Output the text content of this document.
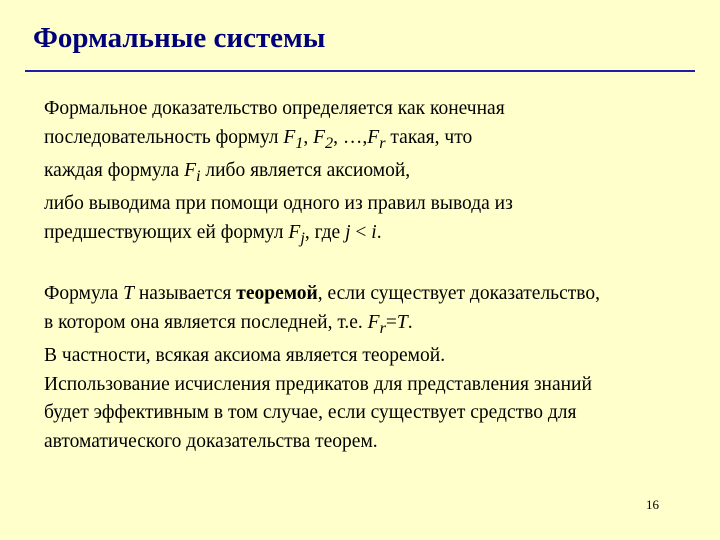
Формальные системы
Формальное доказательство определяется как конечная
последовательность формул $F_1$, $F_2$, $\dots,F_r$ такая, что
каждая формула $F_i$ либо является аксиомой,
либо выводима при помощи одного из правил вывода из
предшествующих ей формул $F_j$, где j < i.
Формула T называется теоремой, если существует доказательство,
в котором она является последней, т.е. $F_r=T$.
В частности, всякая аксиома является теоремой.
Использование исчисления предикатов для представления знаний
будет эффективным в том случае, если существует средство для
автоматического доказательства теорем.
16
